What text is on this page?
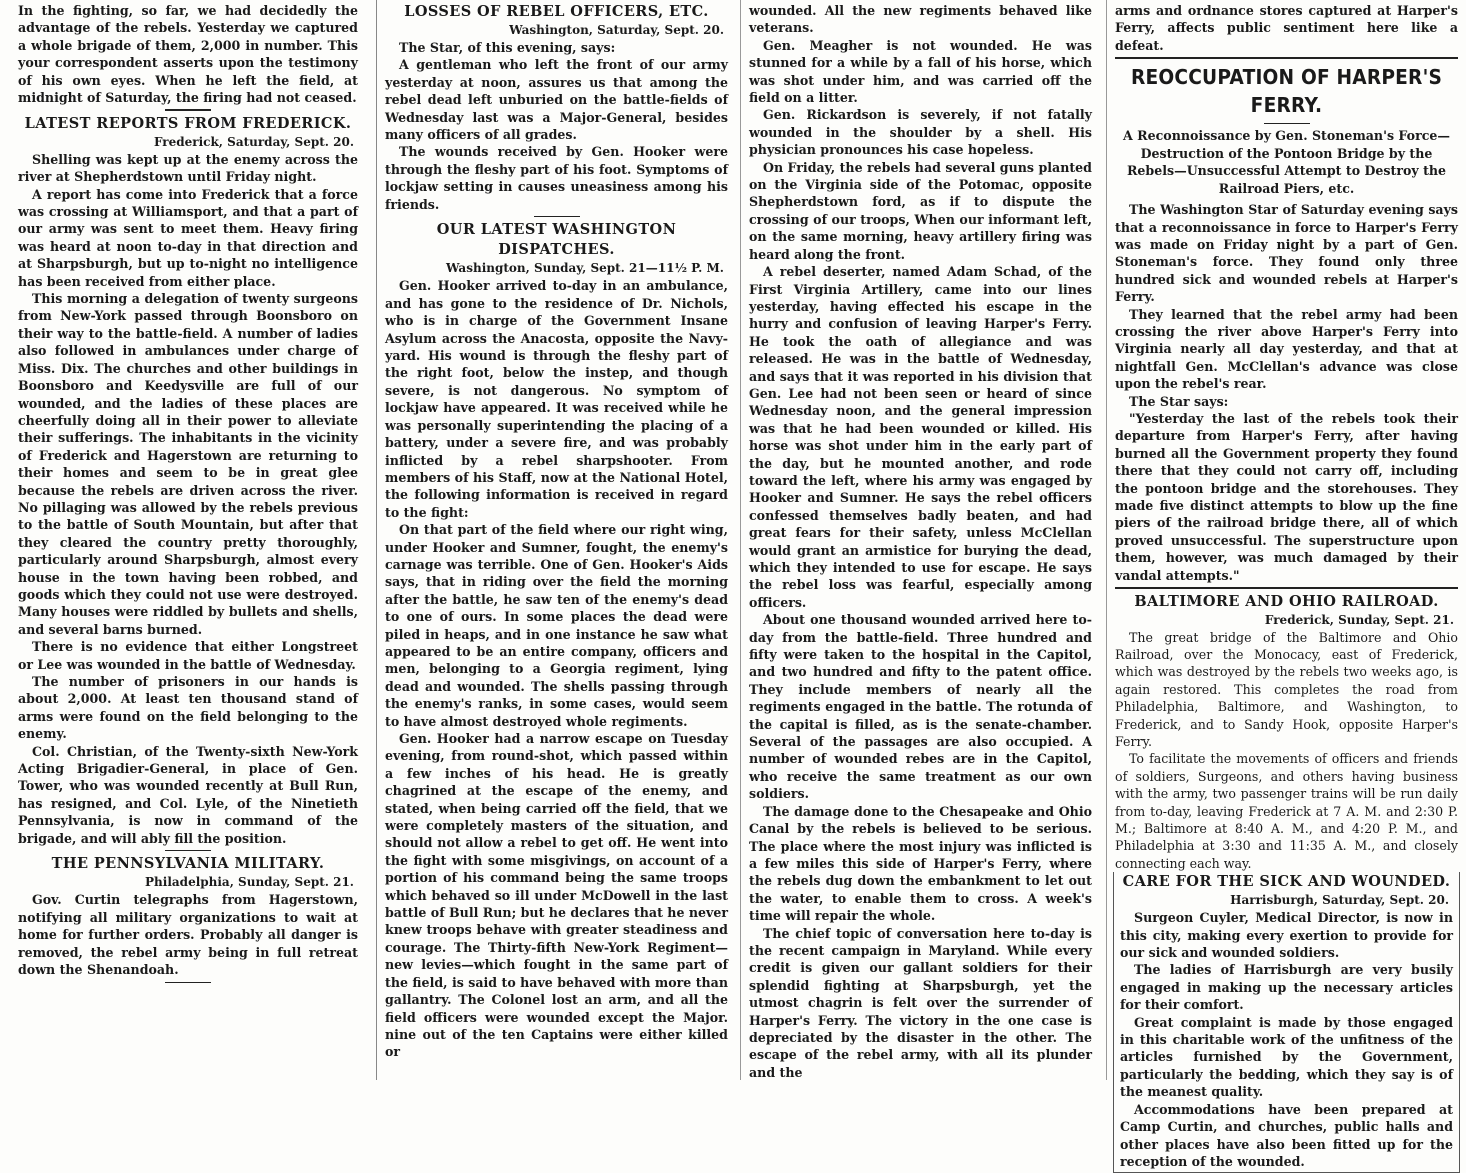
In the fighting, so far, we had decidedly the advantage of the rebels. Yesterday we captured a whole brigade of them, 2,000 in number. This your correspondent asserts upon the testimony of his own eyes. When he left the field, at midnight of Saturday, the firing had not ceased.

LATEST REPORTS FROM FREDERICK.
Frederick, Saturday, Sept. 20.

Shelling was kept up at the enemy across the river at Shepherdstown until Friday night.

A report has come into Frederick that a force was crossing at Williamsport, and that a part of our army was sent to meet them. Heavy firing was heard at noon to-day in that direction and at Sharpsburgh, but up to-night no intelligence has been received from either place.

This morning a delegation of twenty surgeons from New-York passed through Boonsboro on their way to the battle-field. A number of ladies also followed in ambulances under charge of Miss. Dix. The churches and other buildings in Boonsboro and Keedysville are full of our wounded, and the ladies of these places are cheerfully doing all in their power to alleviate their sufferings. The inhabitants in the vicinity of Frederick and Hagerstown are returning to their homes and seem to be in great glee because the rebels are driven across the river. No pillaging was allowed by the rebels previous to the battle of South Mountain, but after that they cleared the country pretty thoroughly, particularly around Sharpsburgh, almost every house in the town having been robbed, and goods which they could not use were destroyed. Many houses were riddled by bullets and shells, and several barns burned.

There is no evidence that either Longstreet or Lee was wounded in the battle of Wednesday.

The number of prisoners in our hands is about 2,000. At least ten thousand stand of arms were found on the field belonging to the enemy.

Col. Christian, of the Twenty-sixth New-York Acting Brigadier-General, in place of Gen. Tower, who was wounded recently at Bull Run, has resigned, and Col. Lyle, of the Ninetieth Pennsylvania, is now in command of the brigade, and will ably fill the position.

THE PENNSYLVANIA MILITARY.
Philadelphia, Sunday, Sept. 21.

Gov. Curtin telegraphs from Hagerstown, notifying all military organizations to wait at home for further orders. Probably all danger is removed, the rebel army being in full retreat down the Shenandoah.

LOSSES OF REBEL OFFICERS, ETC.
Washington, Saturday, Sept. 20.

The Star, of this evening, says:

A gentleman who left the front of our army yesterday at noon, assures us that among the rebel dead left unburied on the battle-fields of Wednesday last was a Major-General, besides many officers of all grades.

The wounds received by Gen. Hooker were through the fleshy part of his foot. Symptoms of lockjaw setting in causes uneasiness among his friends.

OUR LATEST WASHINGTON DISPATCHES.
Washington, Sunday, Sept. 21—11½ P. M.

Gen. Hooker arrived to-day in an ambulance, and has gone to the residence of Dr. Nichols, who is in charge of the Government Insane Asylum across the Anacosta, opposite the Navy-yard. His wound is through the fleshy part of the right foot, below the instep, and though severe, is not dangerous. No symptom of lockjaw have appeared. It was received while he was personally superintending the placing of a battery, under a severe fire, and was probably inflicted by a rebel sharpshooter. From members of his Staff, now at the National Hotel, the following information is received in regard to the fight:

On that part of the field where our right wing, under Hooker and Sumner, fought, the enemy's carnage was terrible. One of Gen. Hooker's Aids says, that in riding over the field the morning after the battle, he saw ten of the enemy's dead to one of ours. In some places the dead were piled in heaps, and in one instance he saw what appeared to be an entire company, officers and men, belonging to a Georgia regiment, lying dead and wounded. The shells passing through the enemy's ranks, in some cases, would seem to have almost destroyed whole regiments.

Gen. Hooker had a narrow escape on Tuesday evening, from round-shot, which passed within a few inches of his head. He is greatly chagrined at the escape of the enemy, and stated, when being carried off the field, that we were completely masters of the situation, and should not allow a rebel to get off. He went into the fight with some misgivings, on account of a portion of his command being the same troops which behaved so ill under McDowell in the last battle of Bull Run; but he declares that he never knew troops behave with greater steadiness and courage. The Thirty-fifth New-York Regiment—new levies—which fought in the same part of the field, is said to have behaved with more than gallantry. The Colonel lost an arm, and all the field officers were wounded except the Major. nine out of the ten Captains were either killed or

wounded. All the new regiments behaved like veterans.

Gen. Meagher is not wounded. He was stunned for a while by a fall of his horse, which was shot under him, and was carried off the field on a litter.

Gen. Rickardson is severely, if not fatally wounded in the shoulder by a shell. His physician pronounces his case hopeless.

On Friday, the rebels had several guns planted on the Virginia side of the Potomac, opposite Shepherdstown ford, as if to dispute the crossing of our troops, When our informant left, on the same morning, heavy artillery firing was heard along the front.

A rebel deserter, named Adam Schad, of the First Virginia Artillery, came into our lines yesterday, having effected his escape in the hurry and confusion of leaving Harper's Ferry. He took the oath of allegiance and was released. He was in the battle of Wednesday, and says that it was reported in his division that Gen. Lee had not been seen or heard of since Wednesday noon, and the general impression was that he had been wounded or killed. His horse was shot under him in the early part of the day, but he mounted another, and rode toward the left, where his army was engaged by Hooker and Sumner. He says the rebel officers confessed themselves badly beaten, and had great fears for their safety, unless McClellan would grant an armistice for burying the dead, which they intended to use for escape. He says the rebel loss was fearful, especially among officers.

About one thousand wounded arrived here to-day from the battle-field. Three hundred and fifty were taken to the hospital in the Capitol, and two hundred and fifty to the patent office. They include members of nearly all the regiments engaged in the battle. The rotunda of the capital is filled, as is the senate-chamber. Several of the passages are also occupied. A number of wounded rebes are in the Capitol, who receive the same treatment as our own soldiers.

The damage done to the Chesapeake and Ohio Canal by the rebels is believed to be serious. The place where the most injury was inflicted is a few miles this side of Harper's Ferry, where the rebels dug down the embankment to let out the water, to enable them to cross. A week's time will repair the whole.

The chief topic of conversation here to-day is the recent campaign in Maryland. While every credit is given our gallant soldiers for their splendid fighting at Sharpsburgh, yet the utmost chagrin is felt over the surrender of Harper's Ferry. The victory in the one case is depreciated by the disaster in the other. The escape of the rebel army, with all its plunder and the

arms and ordnance stores captured at Harper's Ferry, affects public sentiment here like a defeat.

REOCCUPATION OF HARPER'S FERRY.

A Reconnoissance by Gen. Stoneman's Force—Destruction of the Pontoon Bridge by the Rebels—Unsuccessful Attempt to Destroy the Railroad Piers, etc.

The Washington Star of Saturday evening says that a reconnoissance in force to Harper's Ferry was made on Friday night by a part of Gen. Stoneman's force. They found only three hundred sick and wounded rebels at Harper's Ferry.

They learned that the rebel army had been crossing the river above Harper's Ferry into Virginia nearly all day yesterday, and that at nightfall Gen. McClellan's advance was close upon the rebel's rear.

The Star says:

"Yesterday the last of the rebels took their departure from Harper's Ferry, after having burned all the Government property they found there that they could not carry off, including the pontoon bridge and the storehouses. They made five distinct attempts to blow up the fine piers of the railroad bridge there, all of which proved unsuccessful. The superstructure upon them, however, was much damaged by their vandal attempts."

BALTIMORE AND OHIO RAILROAD.
Frederick, Sunday, Sept. 21.

The great bridge of the Baltimore and Ohio Railroad, over the Monocacy, east of Frederick, which was destroyed by the rebels two weeks ago, is again restored. This completes the road from Philadelphia, Baltimore, and Washington, to Frederick, and to Sandy Hook, opposite Harper's Ferry.

To facilitate the movements of officers and friends of soldiers, Surgeons, and others having business with the army, two passenger trains will be run daily from to-day, leaving Frederick at 7 A. M. and 2:30 P. M.; Baltimore at 8:40 A. M., and 4:20 P. M., and Philadelphia at 3:30 and 11:35 A. M., and closely connecting each way.

CARE FOR THE SICK AND WOUNDED.
Harrisburgh, Saturday, Sept. 20.

Surgeon Cuyler, Medical Director, is now in this city, making every exertion to provide for our sick and wounded soldiers.

The ladies of Harrisburgh are very busily engaged in making up the necessary articles for their comfort.

Great complaint is made by those engaged in this charitable work of the unfitness of the articles furnished by the Government, particularly the bedding, which they say is of the meanest quality.

Accommodations have been prepared at Camp Curtin, and churches, public halls and other places have also been fitted up for the reception of the wounded.
